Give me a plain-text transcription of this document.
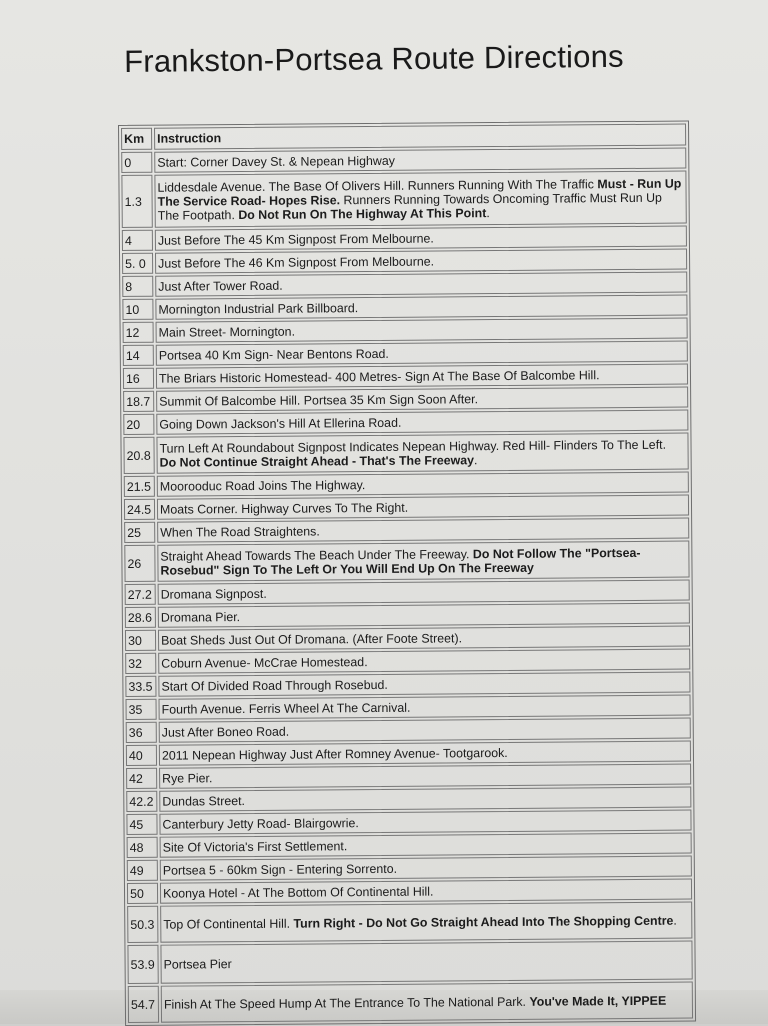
Frankston-Portsea Route Directions
Km	Instruction
0	Start: Corner Davey St. & Nepean Highway
1.3	Liddesdale Avenue. The Base Of Olivers Hill. Runners Running With The Traffic Must - Run Up The Service Road- Hopes Rise. Runners Running Towards Oncoming Traffic Must Run Up The Footpath. Do Not Run On The Highway At This Point.
4	Just Before The 45 Km Signpost From Melbourne.
5. 0	Just Before The 46 Km Signpost From Melbourne.
8	Just After Tower Road.
10	Mornington Industrial Park Billboard.
12	Main Street- Mornington.
14	Portsea 40 Km Sign- Near Bentons Road.
16	The Briars Historic Homestead- 400 Metres- Sign At The Base Of Balcombe Hill.
18.7	Summit Of Balcombe Hill. Portsea 35 Km Sign Soon After.
20	Going Down Jackson's Hill At Ellerina Road.
20.8	Turn Left At Roundabout Signpost Indicates Nepean Highway. Red Hill- Flinders To The Left. Do Not Continue Straight Ahead - That's The Freeway.
21.5	Moorooduc Road Joins The Highway.
24.5	Moats Corner. Highway Curves To The Right.
25	When The Road Straightens.
26	Straight Ahead Towards The Beach Under The Freeway. Do Not Follow The "Portsea-Rosebud" Sign To The Left Or You Will End Up On The Freeway
27.2	Dromana Signpost.
28.6	Dromana Pier.
30	Boat Sheds Just Out Of Dromana. (After Foote Street).
32	Coburn Avenue- McCrae Homestead.
33.5	Start Of Divided Road Through Rosebud.
35	Fourth Avenue. Ferris Wheel At The Carnival.
36	Just After Boneo Road.
40	2011 Nepean Highway Just After Romney Avenue- Tootgarook.
42	Rye Pier.
42.2	Dundas Street.
45	Canterbury Jetty Road- Blairgowrie.
48	Site Of Victoria's First Settlement.
49	Portsea 5 - 60km Sign - Entering Sorrento.
50	Koonya Hotel - At The Bottom Of Continental Hill.
50.3	Top Of Continental Hill. Turn Right - Do Not Go Straight Ahead Into The Shopping Centre.
53.9	Portsea Pier
54.7	Finish At The Speed Hump At The Entrance To The National Park. You've Made It, YIPPEE
